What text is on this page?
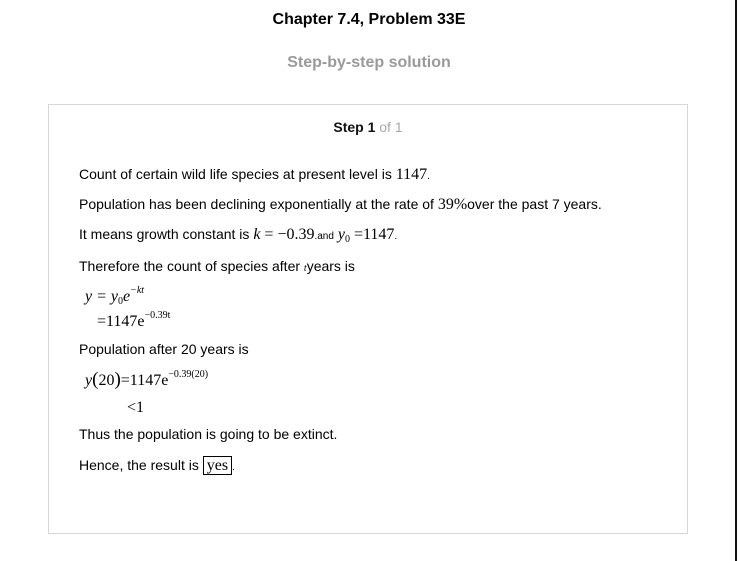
Chapter 7.4, Problem 33E
Step-by-step solution
Step 1 of 1
Count of certain wild life species at present level is 1147.
Population has been declining exponentially at the rate of 39%over the past 7 years.
It means growth constant is k = −0.39.and $y_0 =1147$.
Therefore the count of species after tyears is
$y = y_0e^{-kt}$
$=1147e^{-0.39t}$
Population after 20 years is
$y(20)=1147e^{-0.39(20)}$
<1
Thus the population is going to be extinct.
Hence, the result is yes .
